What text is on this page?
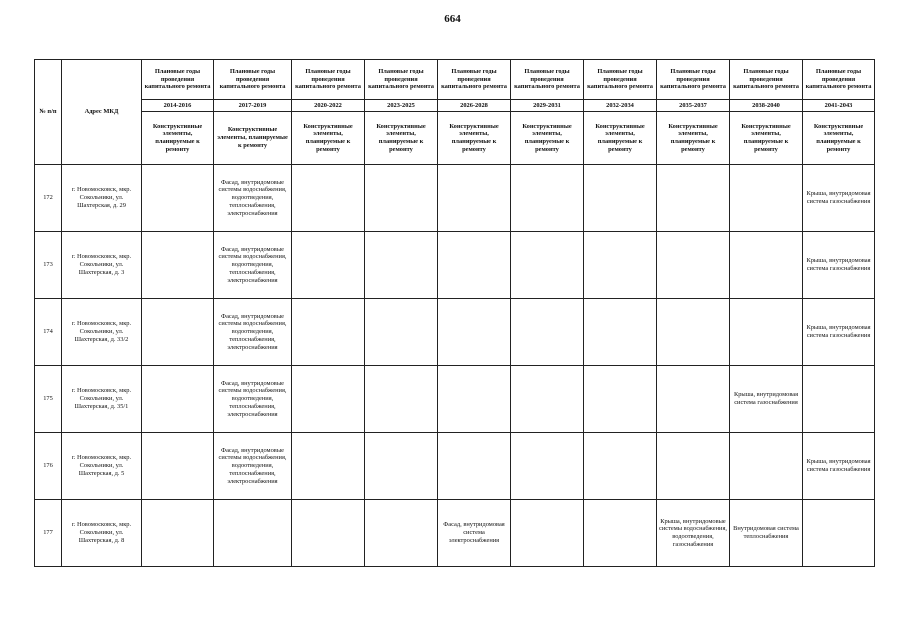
664
№ п/п	Адрес МКД	Плановые годы проведения капитального ремонта	Плановые годы проведения капитального ремонта	Плановые годы проведения капитального ремонта	Плановые годы проведения капитального ремонта	Плановые годы проведения капитального ремонта	Плановые годы проведения капитального ремонта	Плановые годы проведения капитального ремонта	Плановые годы проведения капитального ремонта	Плановые годы проведения капитального ремонта	Плановые годы проведения капитального ремонта
		2014-2016	2017-2019	2020-2022	2023-2025	2026-2028	2029-2031	2032-2034	2035-2037	2038-2040	2041-2043
		Конструктивные элементы, планируемые к ремонту	Конструктивные элементы, планируемые к ремонту	Конструктивные элементы, планируемые к ремонту	Конструктивные элементы, планируемые к ремонту	Конструктивные элементы, планируемые к ремонту	Конструктивные элементы, планируемые к ремонту	Конструктивные элементы, планируемые к ремонту	Конструктивные элементы, планируемые к ремонту	Конструктивные элементы, планируемые к ремонту	Конструктивные элементы, планируемые к ремонту
172	г. Новомосковск, мкр. Сокольники, ул. Шахтерская, д. 29		Фасад, внутридомовые системы водоснабжения, водоотведения, теплоснабжения, электроснабжения								Крыша, внутридомовая система газоснабжения
173	г. Новомосковск, мкр. Сокольники, ул. Шахтерская, д. 3		Фасад, внутридомовые системы водоснабжения, водоотведения, теплоснабжения, электроснабжения								Крыша, внутридомовая система газоснабжения
174	г. Новомосковск, мкр. Сокольники, ул. Шахтерская, д. 33/2		Фасад, внутридомовые системы водоснабжения, водоотведения, теплоснабжения, электроснабжения								Крыша, внутридомовая система газоснабжения
175	г. Новомосковск, мкр. Сокольники, ул. Шахтерская, д. 35/1		Фасад, внутридомовые системы водоснабжения, водоотведения, теплоснабжения, электроснабжения							Крыша, внутридомовая система газоснабжения	
176	г. Новомосковск, мкр. Сокольники, ул. Шахтерская, д. 5		Фасад, внутридомовые системы водоснабжения, водоотведения, теплоснабжения, электроснабжения								Крыша, внутридомовая система газоснабжения
177	г. Новомосковск, мкр. Сокольники, ул. Шахтерская, д. 8					Фасад, внутридомовая система электроснабжения			Крыша, внутридомовые системы водоснабжения, водоотведения, газоснабжения	Внутридомовая система теплоснабжения	
